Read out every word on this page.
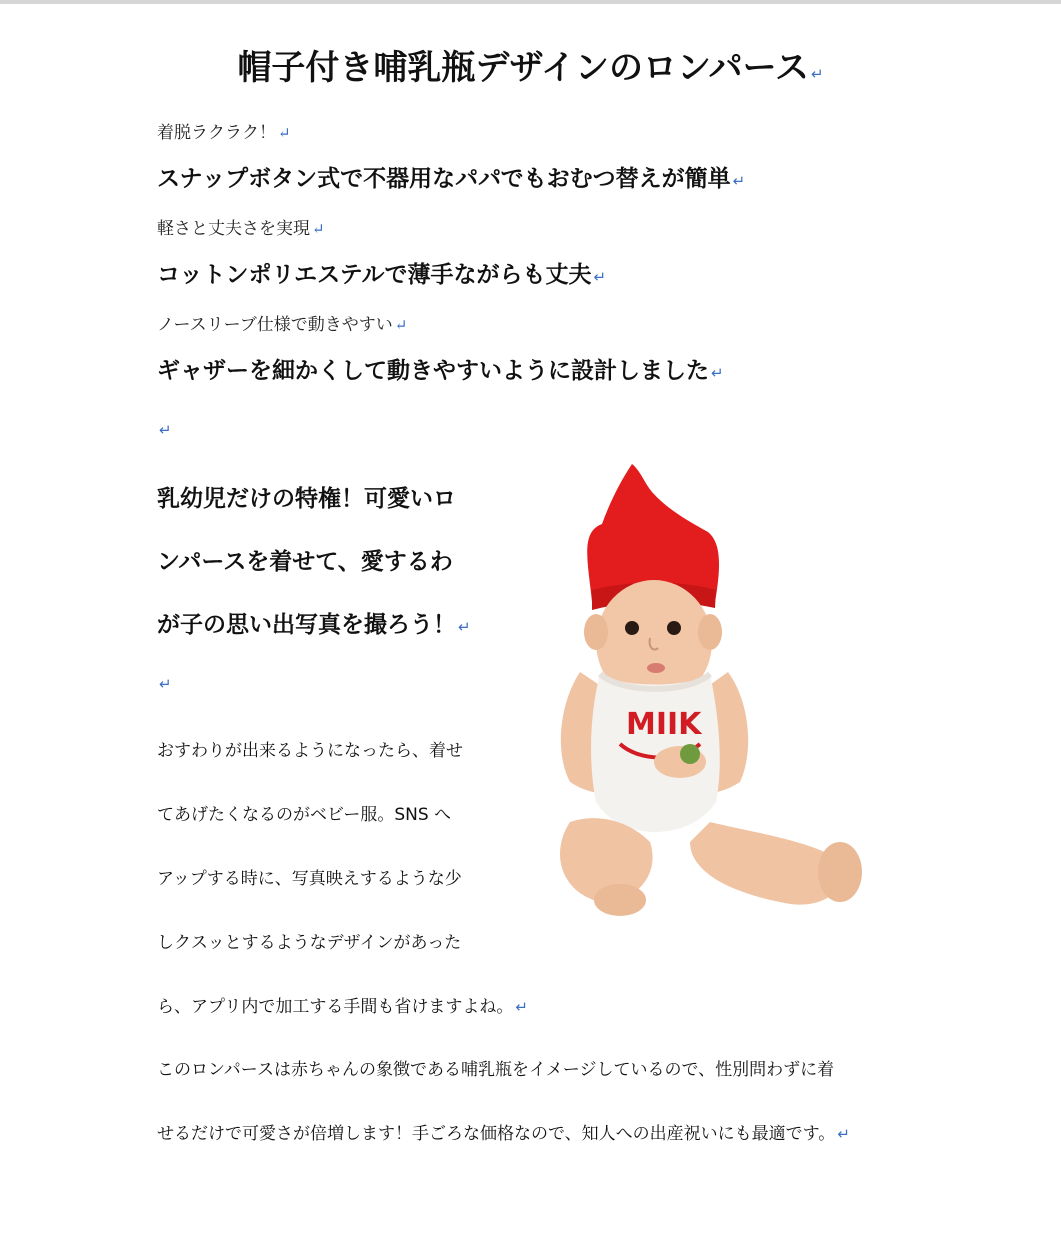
帽子付き哺乳瓶デザインのロンパース ↵

着脱ラクラク！ ↵

スナップボタン式で不器用なパパでもおむつ替えが簡単 ↵

軽さと丈夫さを実現 ↵

コットンポリエステルで薄手ながらも丈夫 ↵

ノースリーブ仕様で動きやすい ↵

ギャザーを細かくして動きやすいように設計しました ↵

↵

乳幼児だけの特権！可愛いロ

ンパースを着せて、愛するわ

が子の思い出写真を撮ろう！ ↵

↵

おすわりが出来るようになったら、着せ

てあげたくなるのがベビー服。SNS へ

アップする時に、写真映えするような少

しクスッとするようなデザインがあった

ら、アプリ内で加工する手間も省けますよね。 ↵

このロンパースは赤ちゃんの象徴である哺乳瓶をイメージしているので、性別問わずに着

せるだけで可愛さが倍増します！手ごろな価格なので、知人への出産祝いにも最適です。 ↵

MIIK
